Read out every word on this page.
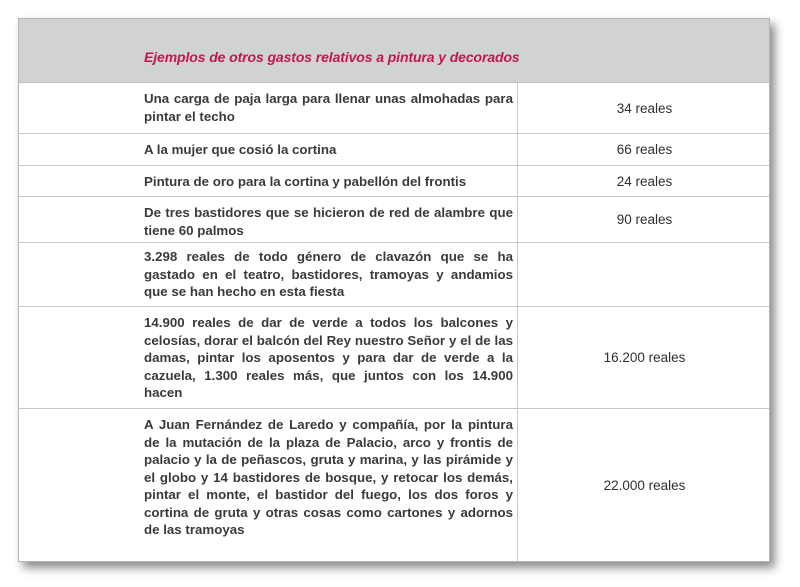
Ejemplos de otros gastos relativos a pintura y decorados
Una carga de paja larga para llenar unas almohadas para pintar el techo
34 reales
A la mujer que cosió la cortina	66 reales
Pintura de oro para la cortina y pabellón del frontis	24 reales
De tres bastidores que se hicieron de red de alambre que tiene 60 palmos
90 reales
3.298 reales de todo género de clavazón que se ha gastado en el teatro, bastidores, tramoyas y andamios que se han hecho en esta fiesta
14.900 reales de dar de verde a todos los balcones y celosías, dorar el balcón del Rey nuestro Señor y el de las damas, pintar los aposentos y para dar de verde a la cazuela, 1.300 reales más, que juntos con los 14.900 hacen
16.200 reales
A Juan Fernández de Laredo y compañía, por la pintura de la mutación de la plaza de Palacio, arco y frontis de palacio y la de peñascos, gruta y marina, y las pirámide y el globo y 14 bastidores de bosque, y retocar los demás, pintar el monte, el bastidor del fuego, los dos foros y cortina de gruta y otras cosas como cartones y adornos de las tramoyas
22.000 reales
